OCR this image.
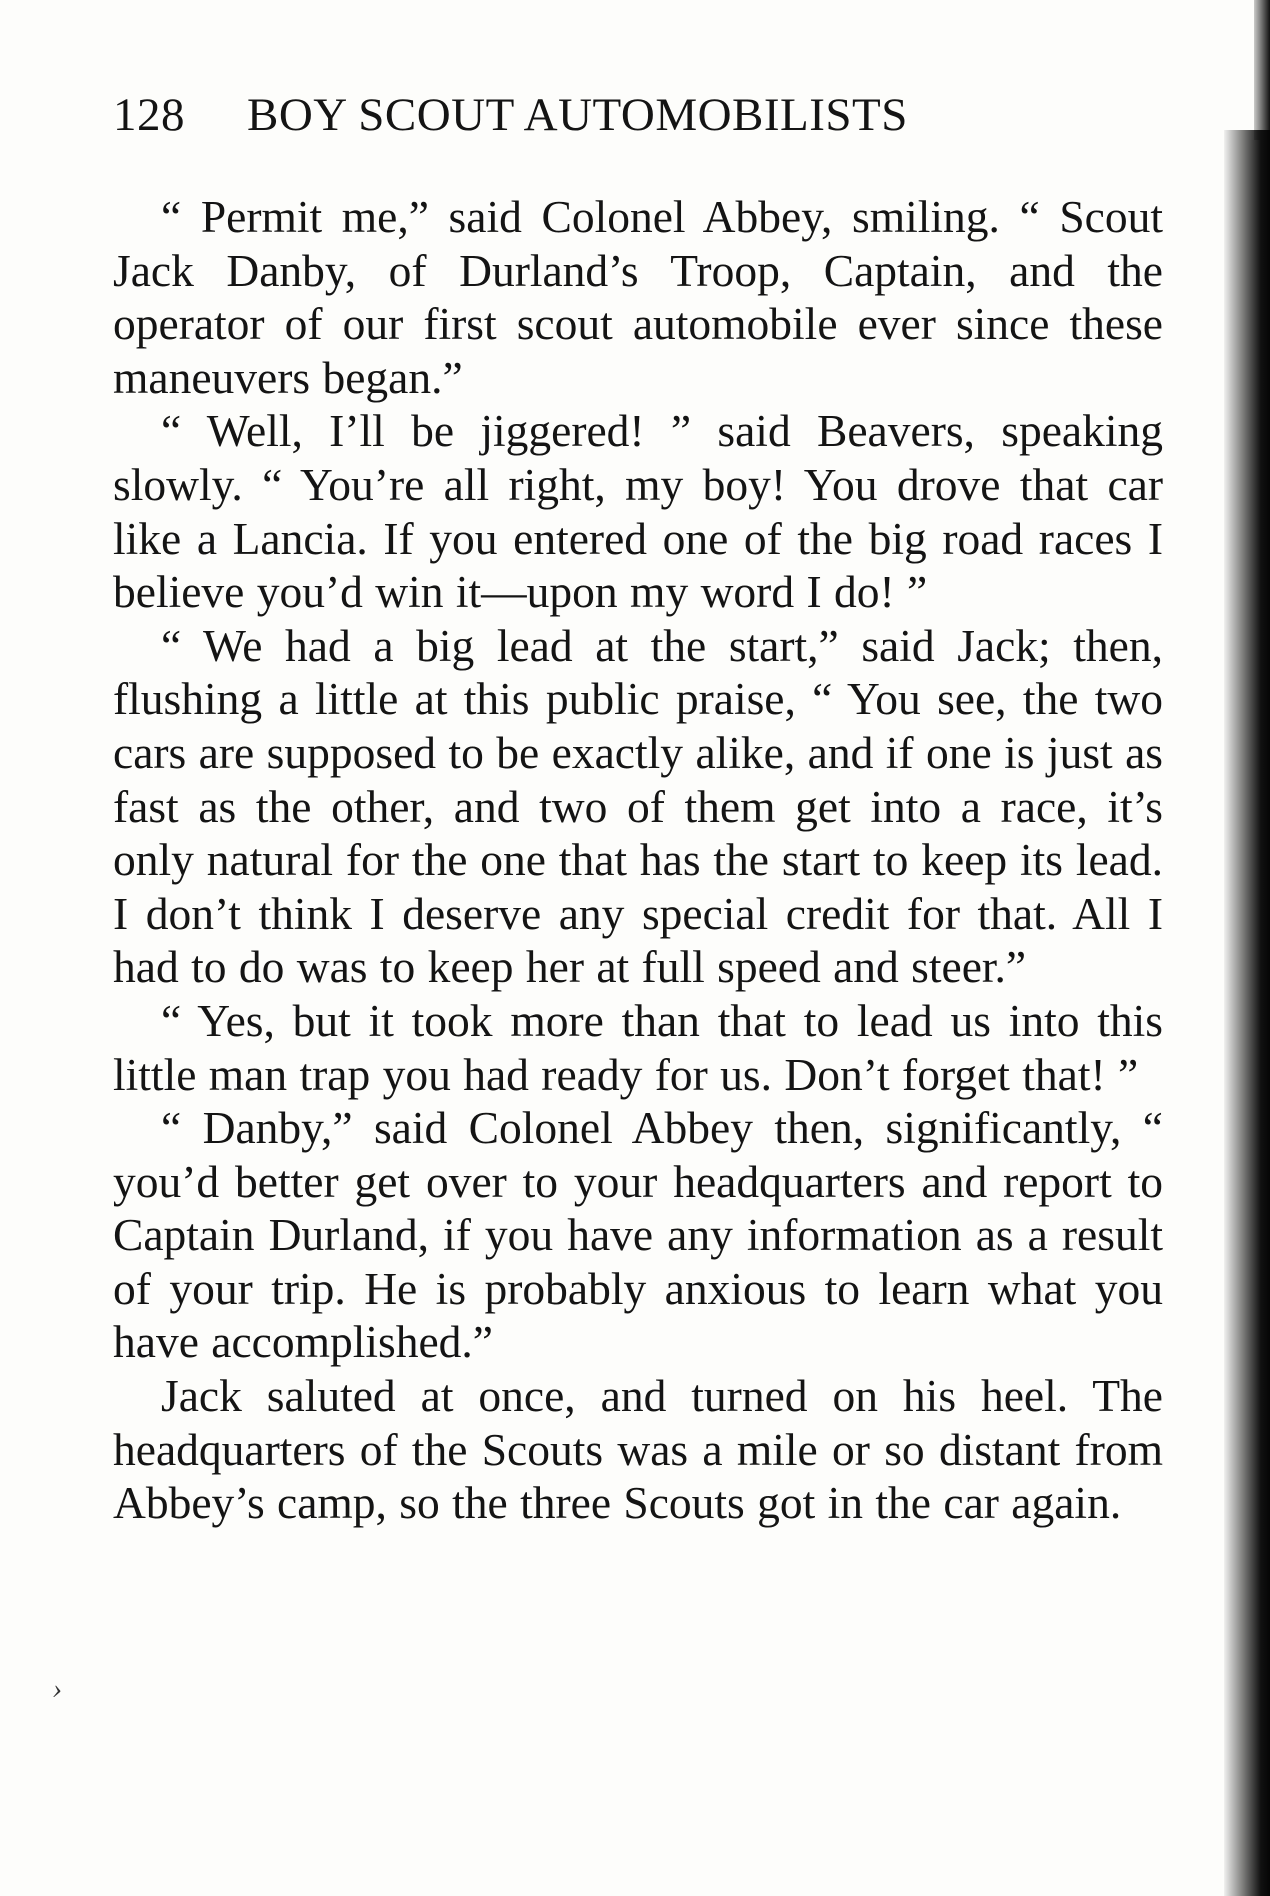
128 BOY SCOUT AUTOMOBILISTS
›

“ Permit me,” said Colonel Abbey, smiling. “ Scout Jack Danby, of Durland’s Troop, Captain, and the operator of our first scout automobile ever since these maneuvers began.”

“ Well, I’ll be jiggered! ” said Beavers, speaking slowly. “ You’re all right, my boy! You drove that car like a Lancia. If you entered one of the big road races I believe you’d win it—upon my word I do! ”

“ We had a big lead at the start,” said Jack; then, flushing a little at this public praise, “ You see, the two cars are supposed to be exactly alike, and if one is just as fast as the other, and two of them get into a race, it’s only natural for the one that has the start to keep its lead. I don’t think I deserve any special credit for that. All I had to do was to keep her at full speed and steer.”

“ Yes, but it took more than that to lead us into this little man trap you had ready for us. Don’t forget that! ”

“ Danby,” said Colonel Abbey then, significantly, “ you’d better get over to your headquarters and report to Captain Durland, if you have any information as a result of your trip. He is probably anxious to learn what you have accomplished.”

Jack saluted at once, and turned on his heel. The headquarters of the Scouts was a mile or so distant from Abbey’s camp, so the three Scouts got in the car again.
